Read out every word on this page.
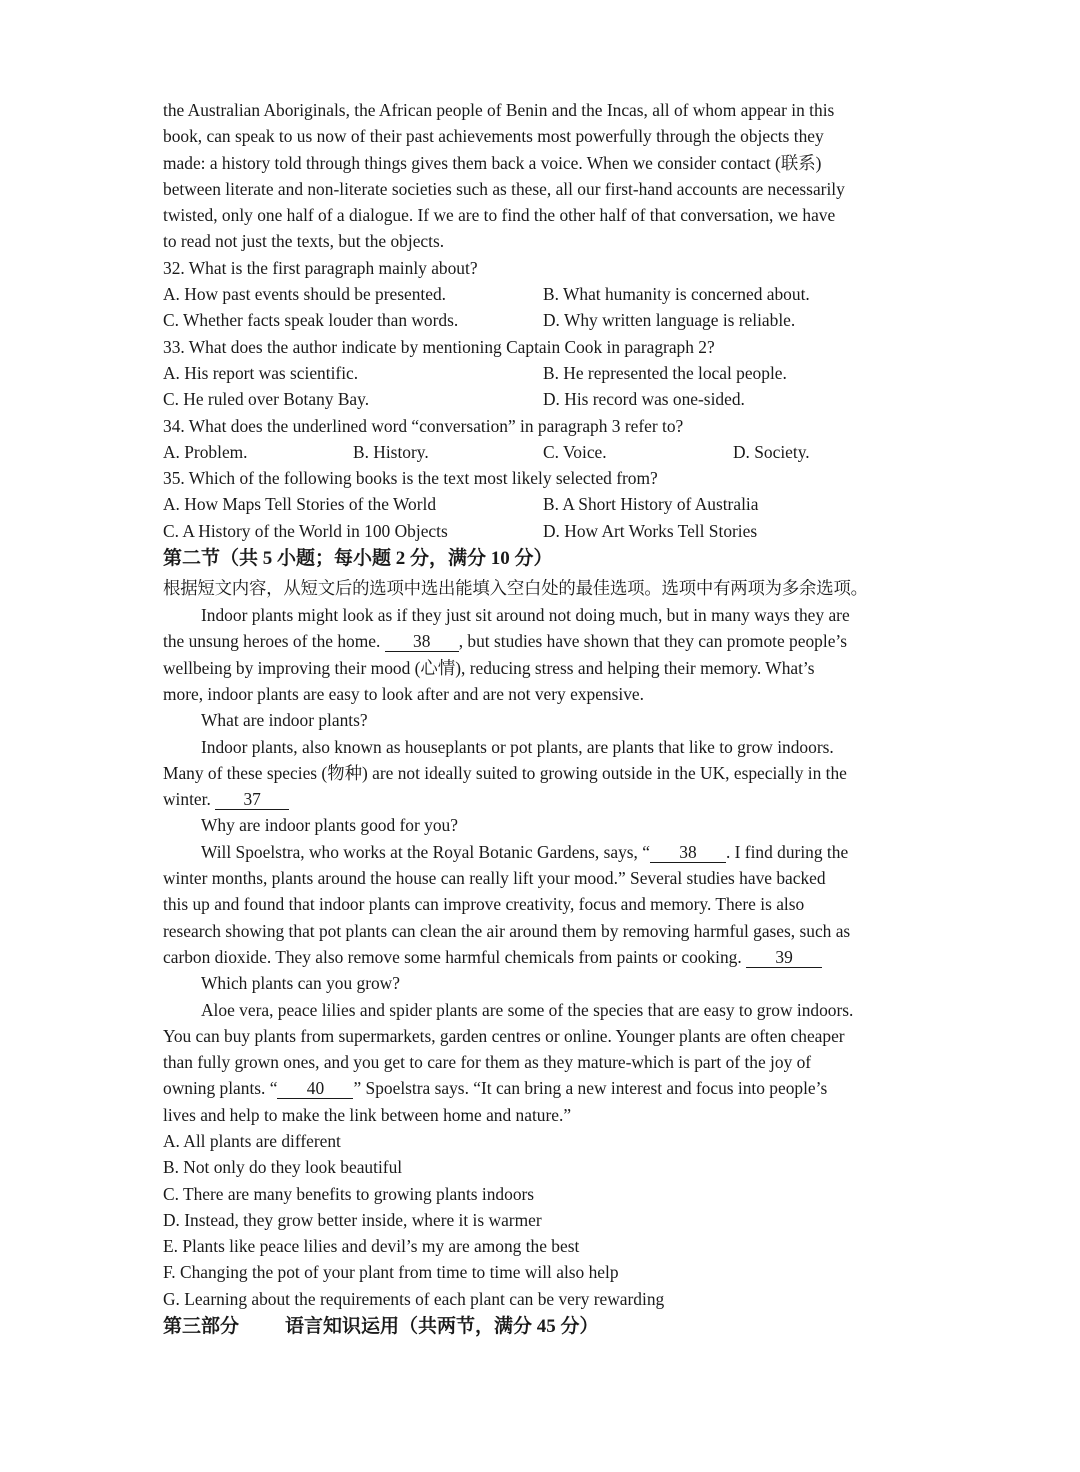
the Australian Aboriginals, the African people of Benin and the Incas, all of whom appear in this
book, can speak to us now of their past achievements most powerfully through the objects they
made: a history told through things gives them back a voice. When we consider contact (联系)
between literate and non-literate societies such as these, all our first-hand accounts are necessarily
twisted, only one half of a dialogue. If we are to find the other half of that conversation, we have
to read not just the texts, but the objects.
32. What is the first paragraph mainly about?
A. How past events should be presented.	B. What humanity is concerned about.
C. Whether facts speak louder than words.	D. Why written language is reliable.
33. What does the author indicate by mentioning Captain Cook in paragraph 2?
A. His report was scientific.	B. He represented the local people.
C. He ruled over Botany Bay.	D. His record was one-sided.
34. What does the underlined word “conversation” in paragraph 3 refer to?
A. Problem.	B. History.	C. Voice.	D. Society.
35. Which of the following books is the text most likely selected from?
A. How Maps Tell Stories of the World	B. A Short History of Australia
C. A History of the World in 100 Objects	D. How Art Works Tell Stories
第二节（共 5 小题；每小题 2 分，满分 10 分）
根据短文内容，从短文后的选项中选出能填入空白处的最佳选项。选项中有两项为多余选项。
Indoor plants might look as if they just sit around not doing much, but in many ways they are
the unsung heroes of the home. 38 , but studies have shown that they can promote people’s
wellbeing by improving their mood (心情), reducing stress and helping their memory. What’s
more, indoor plants are easy to look after and are not very expensive.
What are indoor plants?
Indoor plants, also known as houseplants or pot plants, are plants that like to grow indoors.
Many of these species (物种) are not ideally suited to growing outside in the UK, especially in the
winter. 37
Why are indoor plants good for you?
Will Spoelstra, who works at the Royal Botanic Gardens, says, “ 38 . I find during the
winter months, plants around the house can really lift your mood.” Several studies have backed
this up and found that indoor plants can improve creativity, focus and memory. There is also
research showing that pot plants can clean the air around them by removing harmful gases, such as
carbon dioxide. They also remove some harmful chemicals from paints or cooking. 39
Which plants can you grow?
Aloe vera, peace lilies and spider plants are some of the species that are easy to grow indoors.
You can buy plants from supermarkets, garden centres or online. Younger plants are often cheaper
than fully grown ones, and you get to care for them as they mature-which is part of the joy of
owning plants. “ 40 ” Spoelstra says. “It can bring a new interest and focus into people’s
lives and help to make the link between home and nature.”
A. All plants are different
B. Not only do they look beautiful
C. There are many benefits to growing plants indoors
D. Instead, they grow better inside, where it is warmer
E. Plants like peace lilies and devil’s my are among the best
F. Changing the pot of your plant from time to time will also help
G. Learning about the requirements of each plant can be very rewarding
第三部分 语言知识运用（共两节，满分 45 分）
